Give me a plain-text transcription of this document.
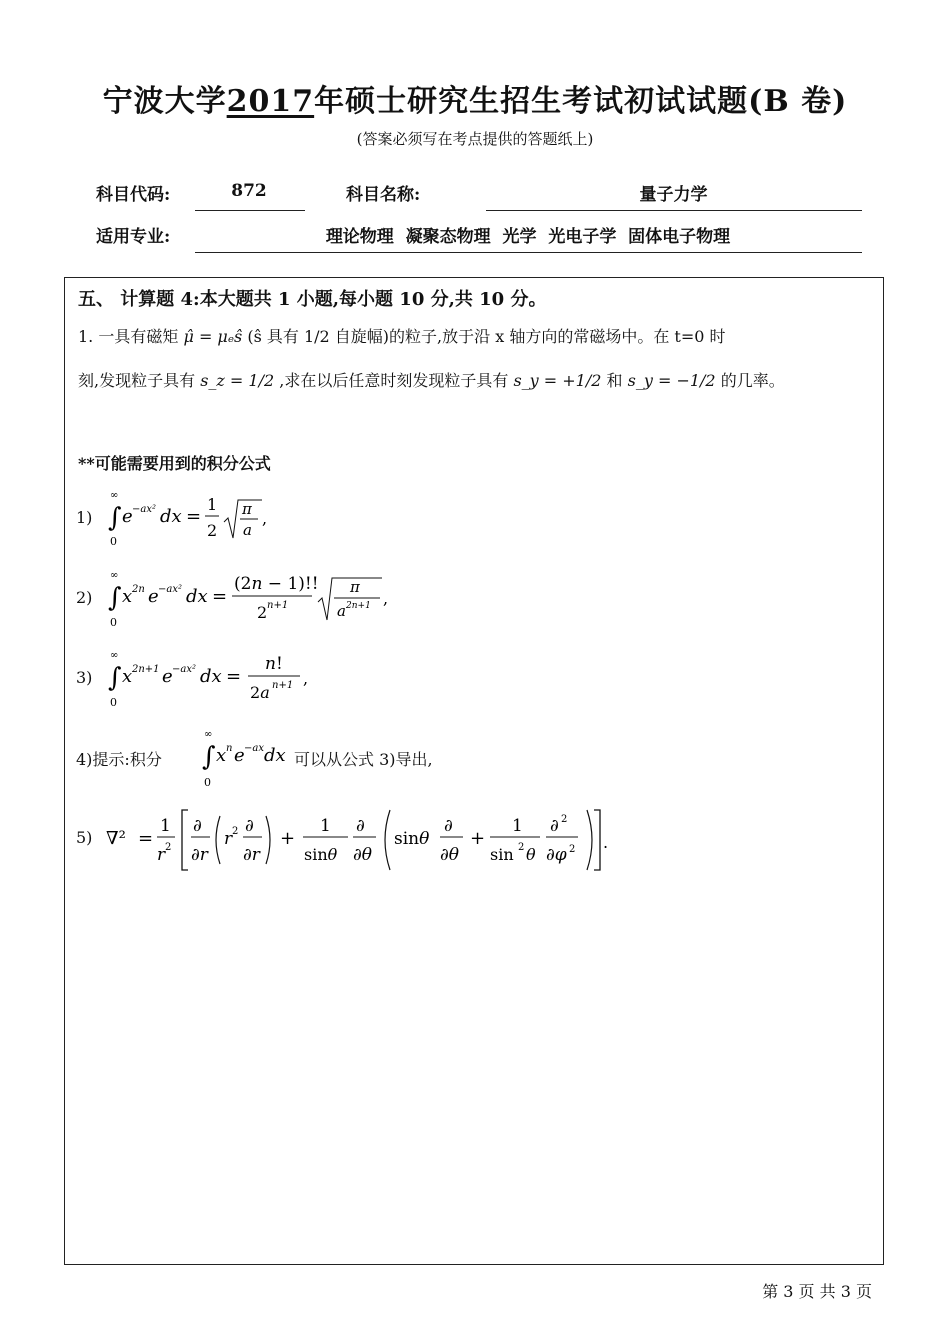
宁波大学2017年硕士研究生招生考试初试试题(B 卷)
(答案必须写在考点提供的答题纸上)
科目代码:	872	科目名称:	量子力学
适用专业:	理论物理  凝聚态物理  光学  光电子学  固体电子物理
五、 计算题 4:本大题共 1 小题,每小题 10 分,共 10 分。
1. 一具有磁矩 μ̂ = μₑŝ (ŝ 具有 1/2 自旋幅)的粒子,放于沿 x 轴方向的常磁场中。在 t=0 时
刻,发现粒子具有 s_z = 1/2 ,求在以后任意时刻发现粒子具有 s_y = +1/2 和 s_y = −1/2 的几率。
**可能需要用到的积分公式
1)
∞
∫
0
e −ax² dx =
1
2
π
a
,
2)
∞
∫
0
x 2n e −ax² dx =
(2n − 1)!!
2 n+1
π
a 2n+1 ,
3)
∞
∫
0
x 2n+1 e −ax² dx =
n!
2a n+1 ,
4)提示:积分
∞
∫
0
x n e −ax dx 可以从公式 3)导出,
5) ∇² =
1
r 2
∂
∂r
r 2 ∂
∂r
+
1
sinθ
∂
∂θ
sinθ
∂
∂θ
+
1
sin 2 θ
∂ 2
∂φ 2 .
第 3 页 共 3 页
